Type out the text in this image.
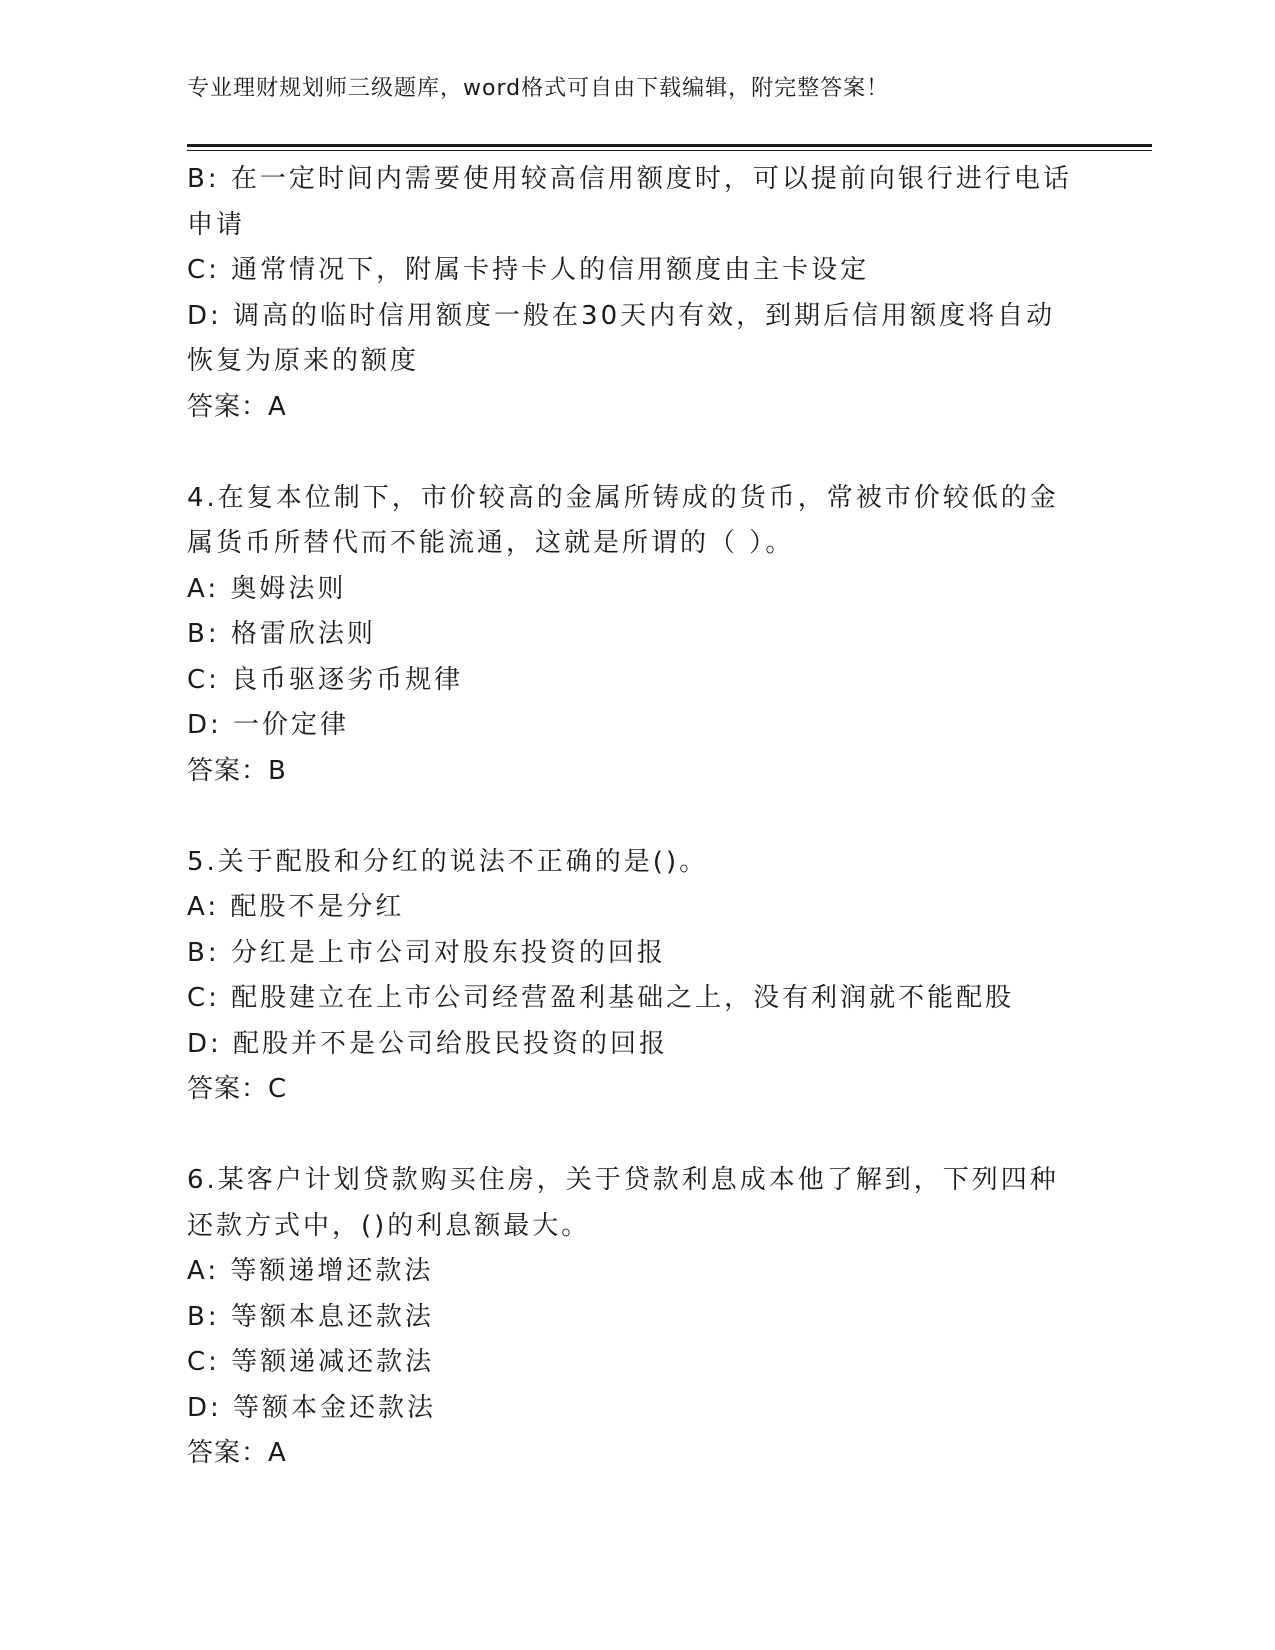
专业理财规划师三级题库，word格式可自由下载编辑，附完整答案！
B: 在一定时间内需要使用较高信用额度时，可以提前向银行进行电话
申请
C: 通常情况下，附属卡持卡人的信用额度由主卡设定
D: 调高的临时信用额度一般在30天内有效，到期后信用额度将自动
恢复为原来的额度
答案：A
4.在复本位制下，市价较高的金属所铸成的货币，常被市价较低的金
属货币所替代而不能流通，这就是所谓的（ ）。
A: 奥姆法则
B: 格雷欣法则
C: 良币驱逐劣币规律
D: 一价定律
答案：B
5.关于配股和分红的说法不正确的是()。
A: 配股不是分红
B: 分红是上市公司对股东投资的回报
C: 配股建立在上市公司经营盈利基础之上，没有利润就不能配股
D: 配股并不是公司给股民投资的回报
答案：C
6.某客户计划贷款购买住房，关于贷款利息成本他了解到，下列四种
还款方式中，()的利息额最大。
A: 等额递增还款法
B: 等额本息还款法
C: 等额递减还款法
D: 等额本金还款法
答案：A
